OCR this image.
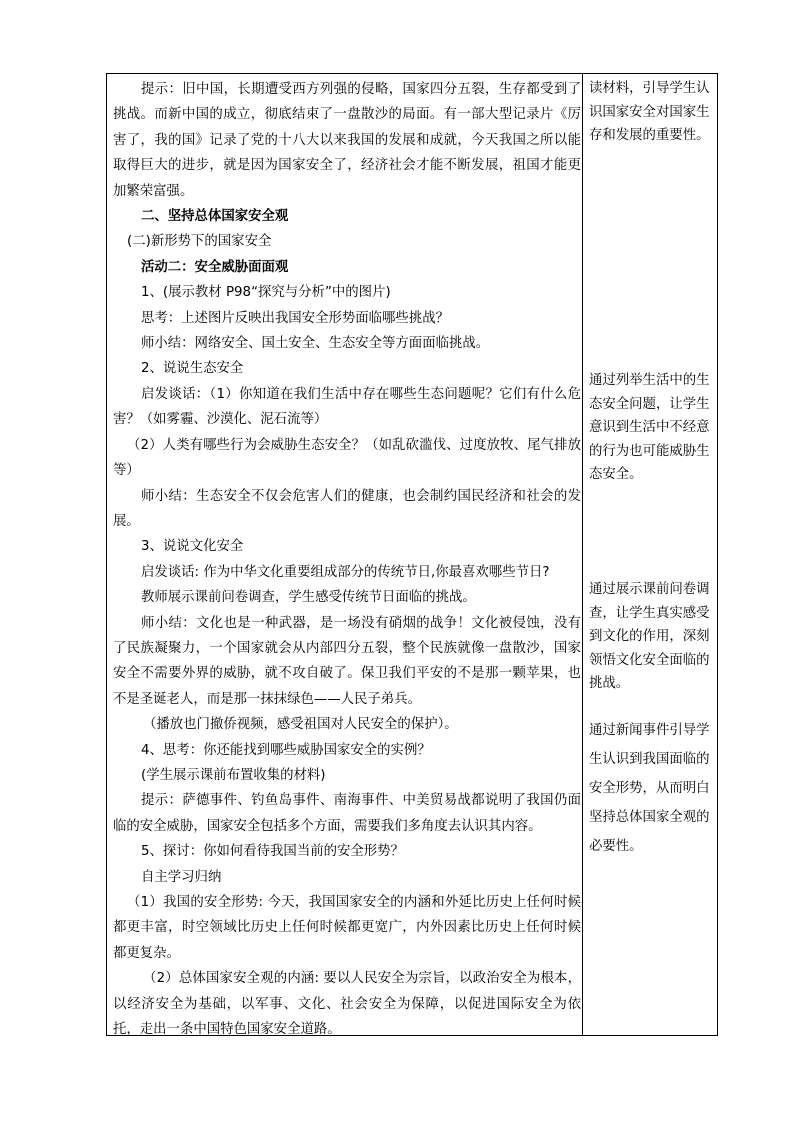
提示：旧中国，长期遭受西方列强的侵略，国家四分五裂，生存都受到了挑战。而新中国的成立，彻底结束了一盘散沙的局面。有一部大型记录片《厉害了，我的国》记录了党的十八大以来我国的发展和成就，今天我国之所以能取得巨大的进步，就是因为国家安全了，经济社会才能不断发展，祖国才能更加繁荣富强。

二、坚持总体国家安全观

(二)新形势下的国家安全

活动二：安全威胁面面观

1、(展示教材 P98“探究与分析”中的图片)

思考：上述图片反映出我国安全形势面临哪些挑战？

师小结：网络安全、国土安全、生态安全等方面面临挑战。

2、说说生态安全

启发谈话：（1）你知道在我们生活中存在哪些生态问题呢？它们有什么危害？（如雾霾、沙漠化、泥石流等）

（2）人类有哪些行为会威胁生态安全？（如乱砍滥伐、过度放牧、尾气排放等）

师小结：生态安全不仅会危害人们的健康，也会制约国民经济和社会的发展。

3、说说文化安全

启发谈话: 作为中华文化重要组成部分的传统节日,你最喜欢哪些节日?

教师展示课前问卷调查，学生感受传统节日面临的挑战。

师小结：文化也是一种武器，是一场没有硝烟的战争！文化被侵蚀，没有了民族凝聚力，一个国家就会从内部四分五裂，整个民族就像一盘散沙，国家安全不需要外界的威胁，就不攻自破了。保卫我们平安的不是那一颗苹果，也不是圣诞老人，而是那一抹抹绿色——人民子弟兵。

（播放也门撤侨视频，感受祖国对人民安全的保护）。

4、思考：你还能找到哪些威胁国家安全的实例？

(学生展示课前布置收集的材料)

提示：萨德事件、钓鱼岛事件、南海事件、中美贸易战都说明了我国仍面临的安全威胁，国家安全包括多个方面，需要我们多角度去认识其内容。

5、探讨：你如何看待我国当前的安全形势？

自主学习归纳

（1）我国的安全形势: 今天，我国国家安全的内涵和外延比历史上任何时候都更丰富，时空领域比历史上任何时候都更宽广，内外因素比历史上任何时候都更复杂。

（2）总体国家安全观的内涵: 要以人民安全为宗旨，以政治安全为根本，以经济安全为基础，以军事、文化、社会安全为保障，以促进国际安全为依托，走出一条中国特色国家安全道路。

读材料，引导学生认识国家安全对国家生存和发展的重要性。
通过列举生活中的生态安全问题，让学生意识到生活中不经意的行为也可能威胁生态安全。
通过展示课前问卷调查，让学生真实感受到文化的作用，深刻领悟文化安全面临的挑战。
通过新闻事件引导学生认识到我国面临的安全形势，从而明白坚持总体国家全观的必要性。
